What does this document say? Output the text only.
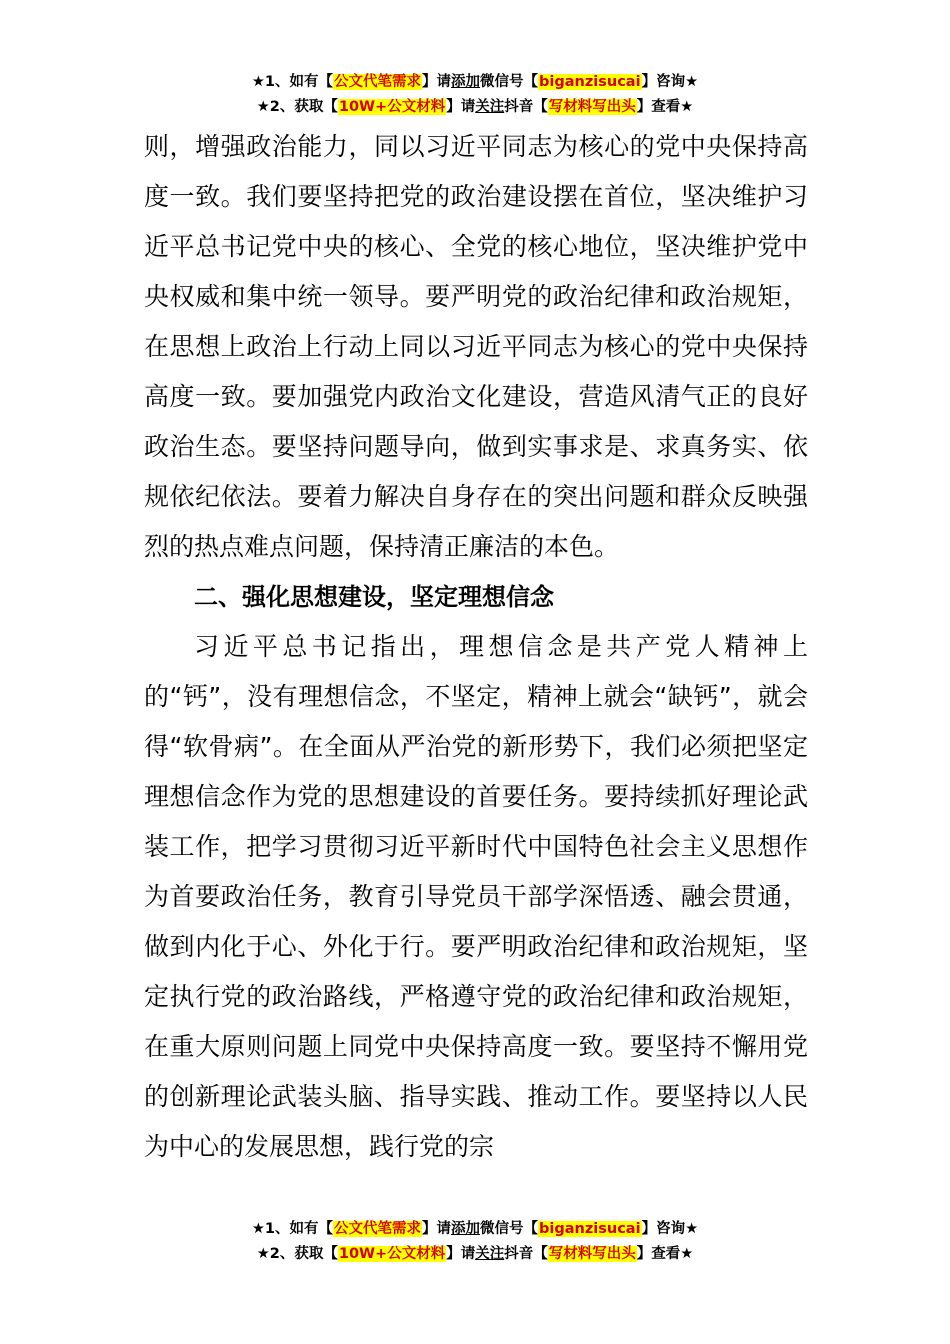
★1、如有【公文代笔需求】请添加微信号【biganzisucai】咨询★
★2、获取【10W+公文材料】请关注抖音【写材料写出头】查看★

则，增强政治能力，同以习近平同志为核心的党中央保持高度一致。我们要坚持把党的政治建设摆在首位，坚决维护习近平总书记党中央的核心、全党的核心地位，坚决维护党中央权威和集中统一领导。要严明党的政治纪律和政治规矩，在思想上政治上行动上同以习近平同志为核心的党中央保持高度一致。要加强党内政治文化建设，营造风清气正的良好政治生态。要坚持问题导向，做到实事求是、求真务实、依规依纪依法。要着力解决自身存在的突出问题和群众反映强烈的热点难点问题，保持清正廉洁的本色。

二、强化思想建设，坚定理想信念

习近平总书记指出，理想信念是共产党人精神上的“钙”，没有理想信念，不坚定，精神上就会“缺钙”，就会得“软骨病”。在全面从严治党的新形势下，我们必须把坚定理想信念作为党的思想建设的首要任务。要持续抓好理论武装工作，把学习贯彻习近平新时代中国特色社会主义思想作为首要政治任务，教育引导党员干部学深悟透、融会贯通，做到内化于心、外化于行。要严明政治纪律和政治规矩，坚定执行党的政治路线，严格遵守党的政治纪律和政治规矩，在重大原则问题上同党中央保持高度一致。要坚持不懈用党的创新理论武装头脑、指导实践、推动工作。要坚持以人民为中心的发展思想，践行党的宗

★1、如有【公文代笔需求】请添加微信号【biganzisucai】咨询★
★2、获取【10W+公文材料】请关注抖音【写材料写出头】查看★
